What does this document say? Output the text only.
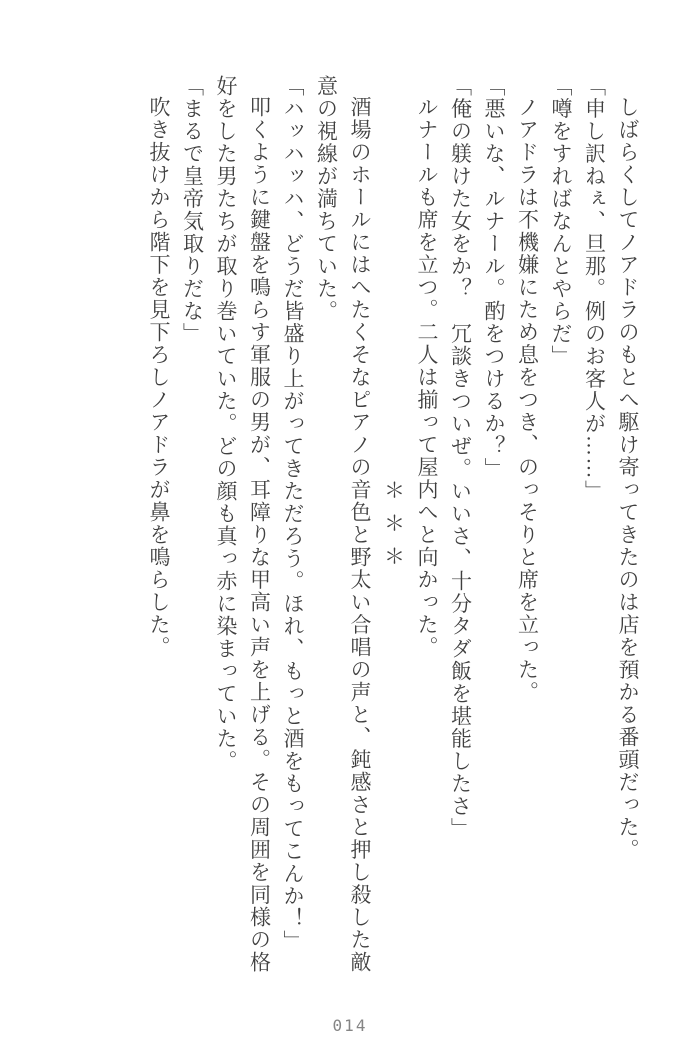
しばらくしてノアドラのもとへ駆け寄ってきたのは店を預かる番頭だった。

「申し訳ねぇ、旦那。例のお客人が……」

「噂をすればなんとやらだ」

ノアドラは不機嫌にため息をつき、のっそりと席を立った。

「悪いな、ルナール。酌をつけるか？」

「俺の躾けた女をか？　冗談きついぜ。いいさ、十分タダ飯を堪能したさ」

ルナールも席を立つ。二人は揃って屋内へと向かった。

＊＊＊

酒場のホールにはへたくそなピアノの音色と野太い合唱の声と、鈍感さと押し殺した敵意の視線が満ちていた。

「ハッハッハ、どうだ皆盛り上がってきただろう。ほれ、もっと酒をもってこんか！」

叩くように鍵盤を鳴らす軍服の男が、耳障りな甲高い声を上げる。その周囲を同様の格好をした男たちが取り巻いていた。どの顔も真っ赤に染まっていた。

「まるで皇帝気取りだな」

吹き抜けから階下を見下ろしノアドラが鼻を鳴らした。

014
